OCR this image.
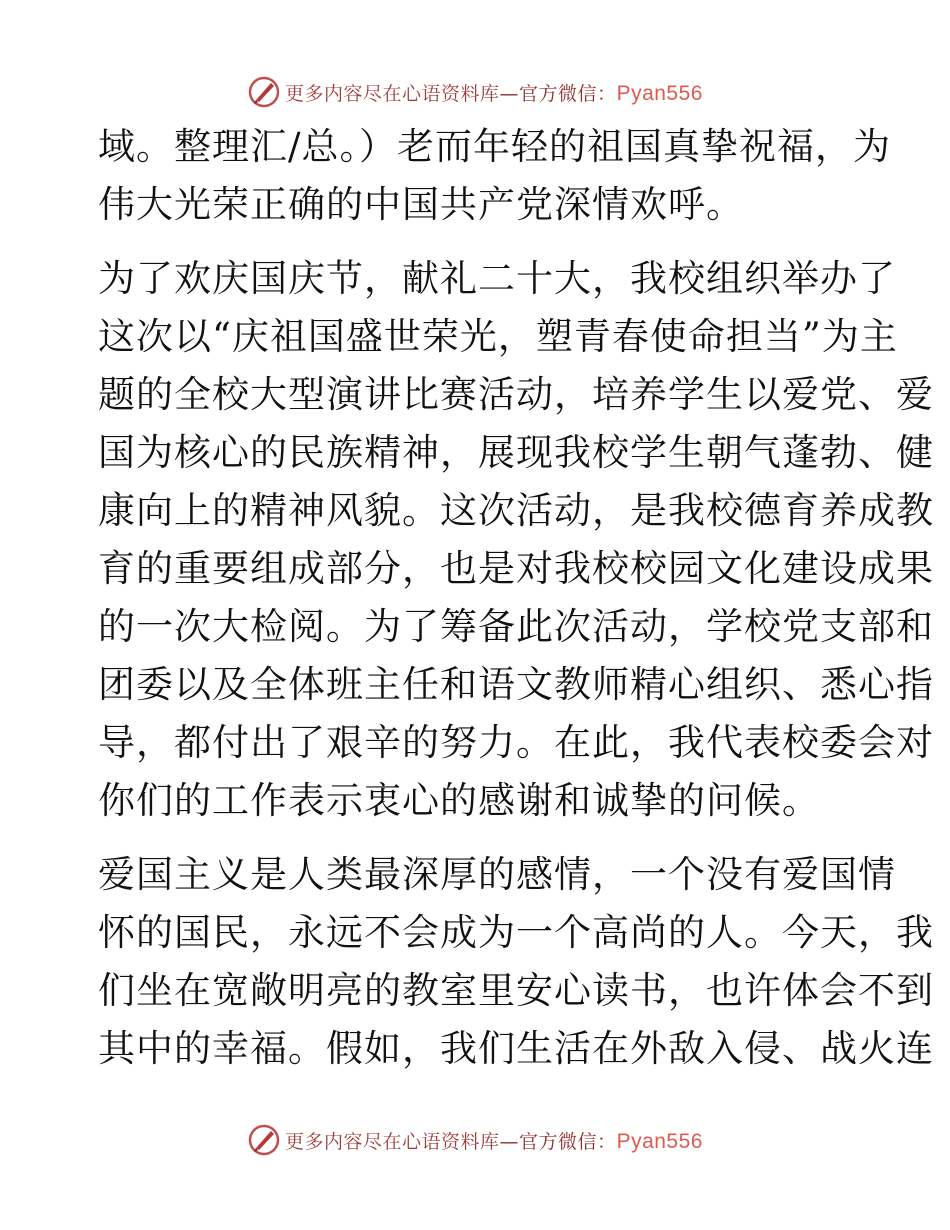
更多内容尽在心语资料库—官方微信：Pyan556
域。整理汇/总。）老而年轻的祖国真挚祝福，为
伟大光荣正确的中国共产党深情欢呼。
为了欢庆国庆节，献礼二十大，我校组织举办了
这次以“庆祖国盛世荣光，塑青春使命担当”为主
题的全校大型演讲比赛活动，培养学生以爱党、爱
国为核心的民族精神，展现我校学生朝气蓬勃、健
康向上的精神风貌。这次活动，是我校德育养成教
育的重要组成部分，也是对我校校园文化建设成果
的一次大检阅。为了筹备此次活动，学校党支部和
团委以及全体班主任和语文教师精心组织、悉心指
导，都付出了艰辛的努力。在此，我代表校委会对
你们的工作表示衷心的感谢和诚挚的问候。
爱国主义是人类最深厚的感情，一个没有爱国情
怀的国民，永远不会成为一个高尚的人。今天，我
们坐在宽敞明亮的教室里安心读书，也许体会不到
其中的幸福。假如，我们生活在外敌入侵、战火连
更多内容尽在心语资料库—官方微信：Pyan556
